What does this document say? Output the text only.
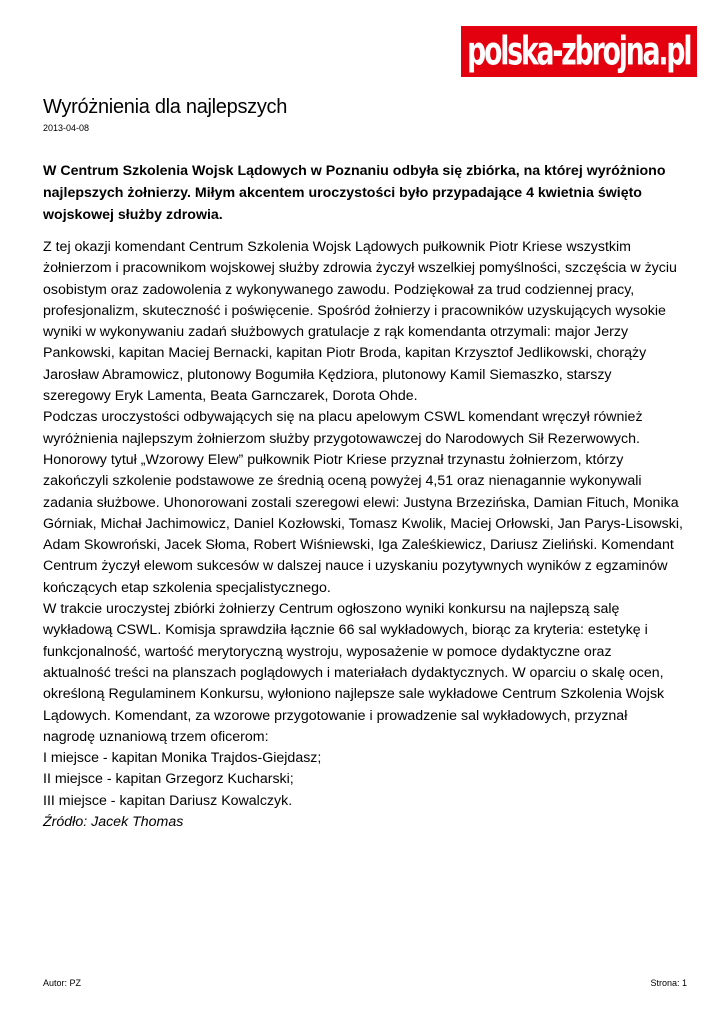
polska-zbrojna.pl
Wyróżnienia dla najlepszych
2013-04-08

W Centrum Szkolenia Wojsk Lądowych w Poznaniu odbyła się zbiórka, na której wyróżniono najlepszych żołnierzy. Miłym akcentem uroczystości było przypadające 4 kwietnia święto wojskowej służby zdrowia.

Z tej okazji komendant Centrum Szkolenia Wojsk Lądowych pułkownik Piotr Kriese wszystkim żołnierzom i pracownikom wojskowej służby zdrowia życzył wszelkiej pomyślności, szczęścia w życiu osobistym oraz zadowolenia z wykonywanego zawodu. Podziękował za trud codziennej pracy, profesjonalizm, skuteczność i poświęcenie. Spośród żołnierzy i pracowników uzyskujących wysokie wyniki w wykonywaniu zadań służbowych gratulacje z rąk komendanta otrzymali: major Jerzy Pankowski, kapitan Maciej Bernacki, kapitan Piotr Broda, kapitan Krzysztof Jedlikowski, chorąży Jarosław Abramowicz, plutonowy Bogumiła Kędziora, plutonowy Kamil Siemaszko, starszy szeregowy Eryk Lamenta, Beata Garnczarek, Dorota Ohde.

Podczas uroczystości odbywających się na placu apelowym CSWL komendant wręczył również wyróżnienia najlepszym żołnierzom służby przygotowawczej do Narodowych Sił Rezerwowych. Honorowy tytuł „Wzorowy Elew” pułkownik Piotr Kriese przyznał trzynastu żołnierzom, którzy zakończyli szkolenie podstawowe ze średnią oceną powyżej 4,51 oraz nienagannie wykonywali zadania służbowe. Uhonorowani zostali szeregowi elewi: Justyna Brzezińska, Damian Fituch, Monika Górniak, Michał Jachimowicz, Daniel Kozłowski, Tomasz Kwolik, Maciej Orłowski, Jan Parys-Lisowski, Adam Skowroński, Jacek Słoma, Robert Wiśniewski, Iga Zaleśkiewicz, Dariusz Zieliński. Komendant Centrum życzył elewom sukcesów w dalszej nauce i uzyskaniu pozytywnych wyników z egzaminów kończących etap szkolenia specjalistycznego.

W trakcie uroczystej zbiórki żołnierzy Centrum ogłoszono wyniki konkursu na najlepszą salę wykładową CSWL. Komisja sprawdziła łącznie 66 sal wykładowych, biorąc za kryteria: estetykę i funkcjonalność, wartość merytoryczną wystroju, wyposażenie w pomoce dydaktyczne oraz aktualność treści na planszach poglądowych i materiałach dydaktycznych. W oparciu o skalę ocen, określoną Regulaminem Konkursu, wyłoniono najlepsze sale wykładowe Centrum Szkolenia Wojsk Lądowych. Komendant, za wzorowe przygotowanie i prowadzenie sal wykładowych, przyznał nagrodę uznaniową trzem oficerom:

I miejsce - kapitan Monika Trajdos-Giejdasz;

II miejsce - kapitan Grzegorz Kucharski;

III miejsce - kapitan Dariusz Kowalczyk.

Źródło: Jacek Thomas

Autor: PZ	Strona: 1
